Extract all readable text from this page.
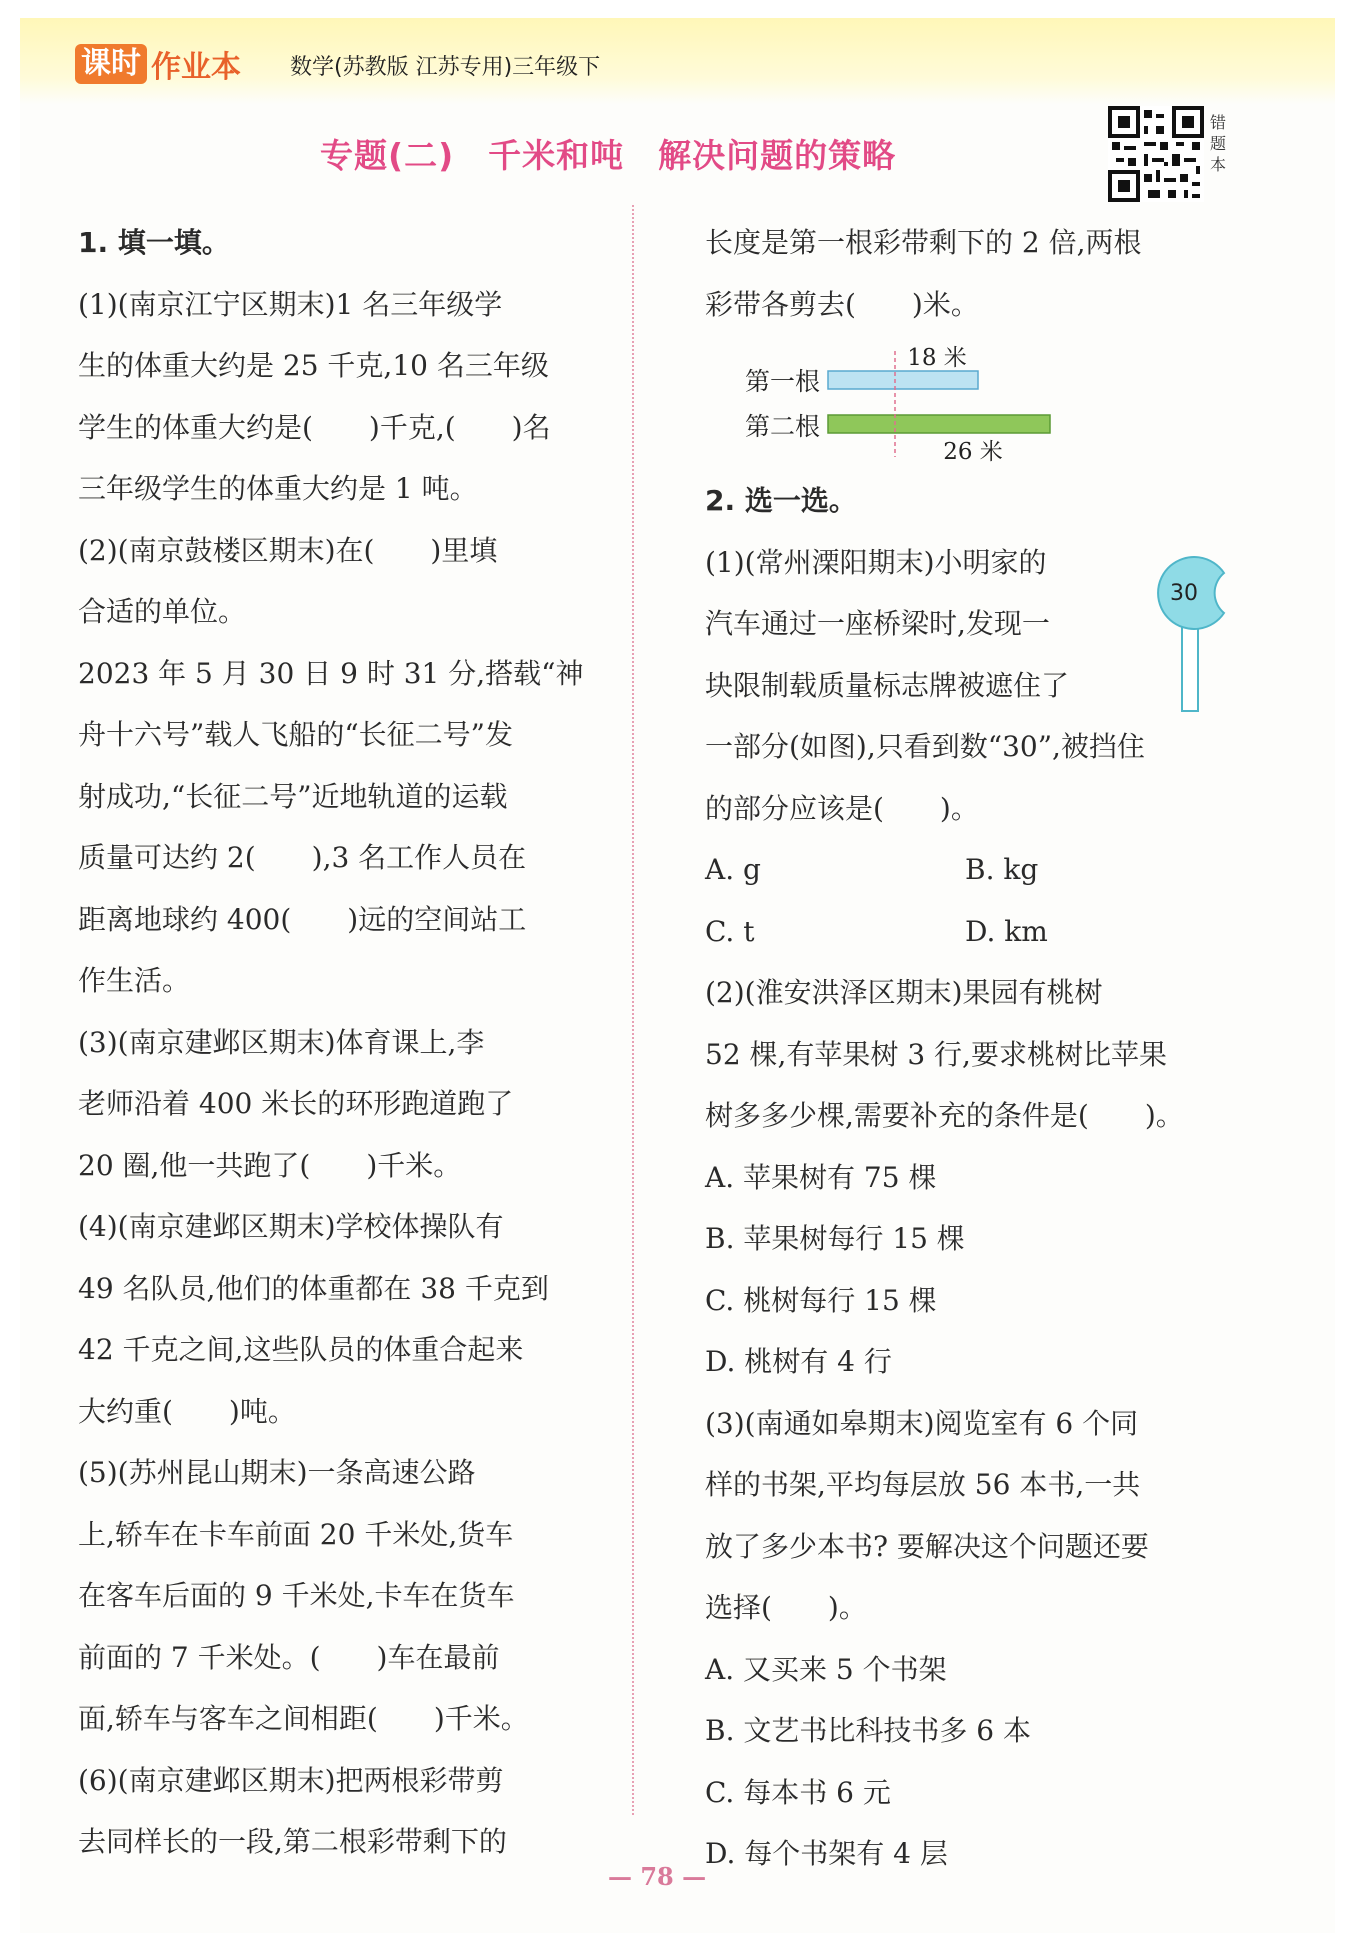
课时 作业本 数学(苏教版 江苏专用)三年级下
专题(二)　千米和吨　解决问题的策略
错题本

1. 填一填。

(1)(南京江宁区期末)1 名三年级学

生的体重大约是 25 千克,10 名三年级

学生的体重大约是(　　)千克,(　　)名

三年级学生的体重大约是 1 吨。

(2)(南京鼓楼区期末)在(　　)里填

合适的单位。

2023 年 5 月 30 日 9 时 31 分,搭载“神

舟十六号”载人飞船的“长征二号”发

射成功,“长征二号”近地轨道的运载

质量可达约 2(　　),3 名工作人员在

距离地球约 400(　　)远的空间站工

作生活。

(3)(南京建邺区期末)体育课上,李

老师沿着 400 米长的环形跑道跑了

20 圈,他一共跑了(　　)千米。

(4)(南京建邺区期末)学校体操队有

49 名队员,他们的体重都在 38 千克到

42 千克之间,这些队员的体重合起来

大约重(　　)吨。

(5)(苏州昆山期末)一条高速公路

上,轿车在卡车前面 20 千米处,货车

在客车后面的 9 千米处,卡车在货车

前面的 7 千米处。(　　)车在最前

面,轿车与客车之间相距(　　)千米。

(6)(南京建邺区期末)把两根彩带剪

去同样长的一段,第二根彩带剩下的

长度是第一根彩带剩下的 2 倍,两根

彩带各剪去(　　)米。

第一根
第二根
18 米
26 米

2. 选一选。

(1)(常州溧阳期末)小明家的

汽车通过一座桥梁时,发现一

块限制载质量标志牌被遮住了

一部分(如图),只看到数“30”,被挡住

的部分应该是(　　)。

A. g	B. kg
C. t	D. km

(2)(淮安洪泽区期末)果园有桃树

52 棵,有苹果树 3 行,要求桃树比苹果

树多多少棵,需要补充的条件是(　　)。

A. 苹果树有 75 棵

B. 苹果树每行 15 棵

C. 桃树每行 15 棵

D. 桃树有 4 行

(3)(南通如皋期末)阅览室有 6 个同

样的书架,平均每层放 56 本书,一共

放了多少本书? 要解决这个问题还要

选择(　　)。

A. 又买来 5 个书架

B. 文艺书比科技书多 6 本

C. 每本书 6 元

D. 每个书架有 4 层

30
— 78 —
